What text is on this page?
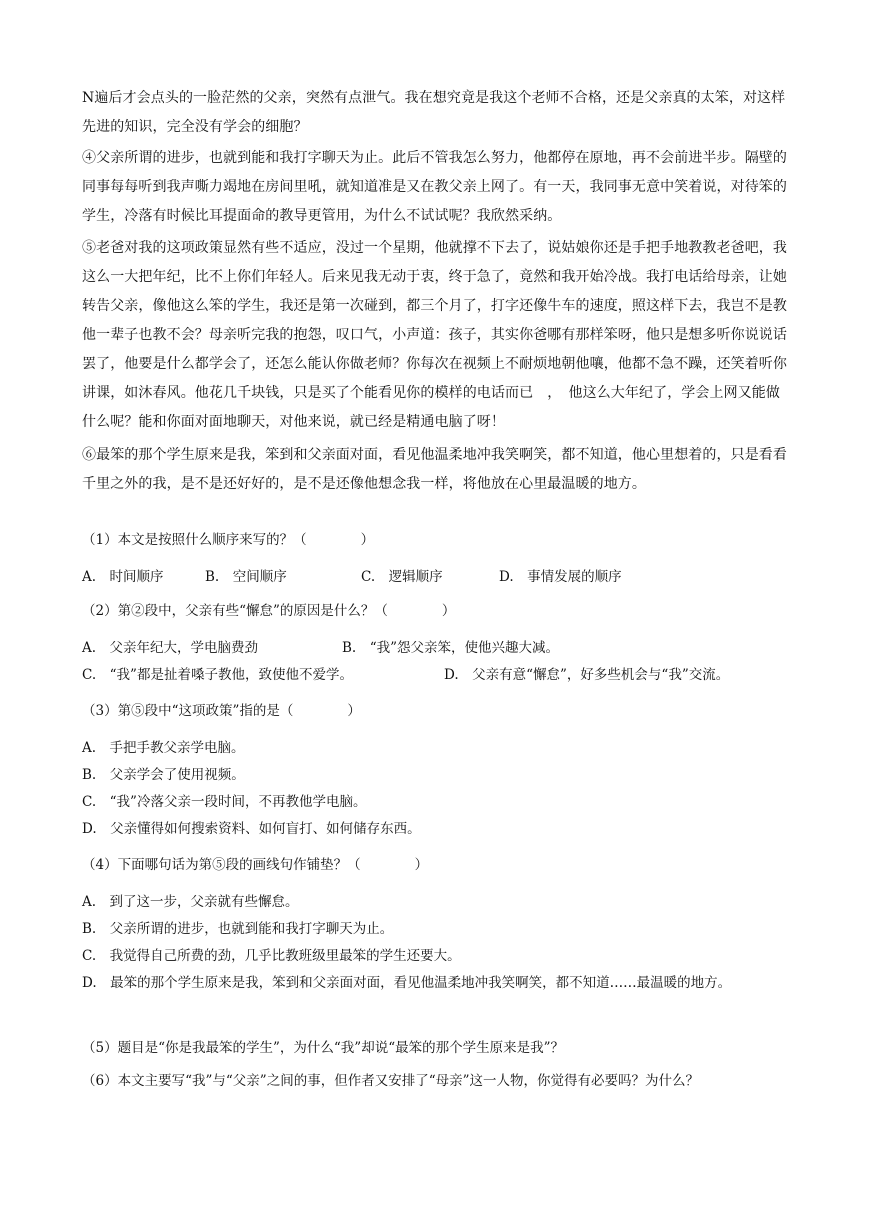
N遍后才会点头的一脸茫然的父亲，突然有点泄气。我在想究竟是我这个老师不合格，还是父亲真的太笨，对这样先进的知识，完全没有学会的细胞？
④父亲所谓的进步，也就到能和我打字聊天为止。此后不管我怎么努力，他都停在原地，再不会前进半步。隔壁的同事每每听到我声嘶力竭地在房间里吼，就知道准是又在教父亲上网了。有一天，我同事无意中笑着说，对待笨的学生，冷落有时候比耳提面命的教导更管用，为什么不试试呢？我欣然采纳。
⑤老爸对我的这项政策显然有些不适应，没过一个星期，他就撑不下去了，说姑娘你还是手把手地教教老爸吧，我这么一大把年纪，比不上你们年轻人。后来见我无动于衷，终于急了，竟然和我开始冷战。我打电话给母亲，让她转告父亲，像他这么笨的学生，我还是第一次碰到，都三个月了，打字还像牛车的速度，照这样下去，我岂不是教他一辈子也教不会？母亲听完我的抱怨，叹口气，小声道：孩子，其实你爸哪有那样笨呀，他只是想多听你说说话罢了，他要是什么都学会了，还怎么能认你做老师？你每次在视频上不耐烦地朝他嚷，他都不急不躁，还笑着听你讲课，如沐春风。他花几千块钱，只是买了个能看见你的模样的电话而已　，　他这么大年纪了，学会上网又能做什么呢？能和你面对面地聊天，对他来说，就已经是精通电脑了呀！
⑥最笨的那个学生原来是我，笨到和父亲面对面，看见他温柔地冲我笑啊笑，都不知道，他心里想着的，只是看看千里之外的我，是不是还好好的，是不是还像他想念我一样，将他放在心里最温暖的地方。
（1）本文是按照什么顺序来写的？（　　　　）
A.　时间顺序	B.　空间顺序	C.　逻辑顺序	D.　事情发展的顺序
（2）第②段中，父亲有些“懈怠”的原因是什么？（　　　　）
A.　父亲年纪大，学电脑费劲	B.　“我”怨父亲笨，使他兴趣大减。
C.　“我”都是扯着嗓子教他，致使他不爱学。	D.　父亲有意“懈怠”，好多些机会与“我”交流。
（3）第⑤段中“这项政策”指的是（　　　　）
A.　手把手教父亲学电脑。
B.　父亲学会了使用视频。
C.　“我”冷落父亲一段时间，不再教他学电脑。
D.　父亲懂得如何搜索资料、如何盲打、如何储存东西。
（4）下面哪句话为第⑤段的画线句作铺垫？（　　　　）
A.　到了这一步，父亲就有些懈怠。
B.　父亲所谓的进步，也就到能和我打字聊天为止。
C.　我觉得自己所费的劲，几乎比教班级里最笨的学生还要大。
D.　最笨的那个学生原来是我，笨到和父亲面对面，看见他温柔地冲我笑啊笑，都不知道……最温暖的地方。
（5）题目是“你是我最笨的学生”，为什么“我”却说“最笨的那个学生原来是我”？
（6）本文主要写“我”与“父亲”之间的事，但作者又安排了“母亲”这一人物，你觉得有必要吗？为什么？
